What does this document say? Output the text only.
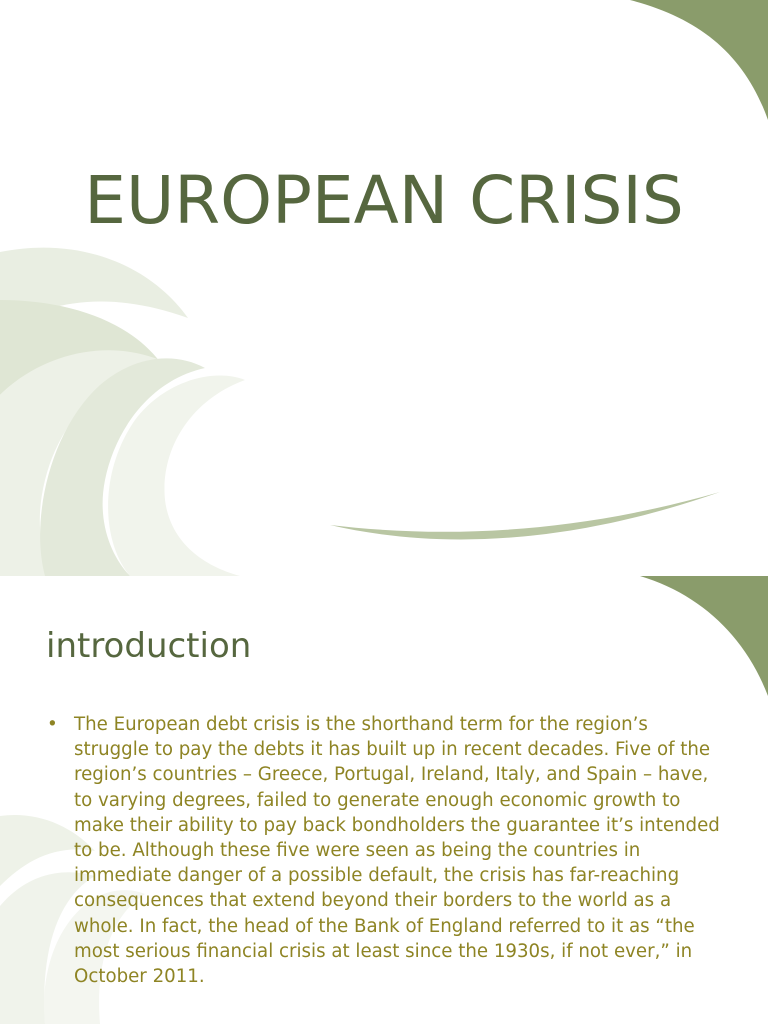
EUROPEAN CRISIS
introduction
• The European debt crisis is the shorthand term for the region’s struggle to pay the debts it has built up in recent decades. Five of the region’s countries – Greece, Portugal, Ireland, Italy, and Spain – have, to varying degrees, failed to generate enough economic growth to make their ability to pay back bondholders the guarantee it’s intended to be. Although these five were seen as being the countries in immediate danger of a possible default, the crisis has far-reaching consequences that extend beyond their borders to the world as a whole. In fact, the head of the Bank of England referred to it as “the most serious financial crisis at least since the 1930s, if not ever,” in October 2011.
